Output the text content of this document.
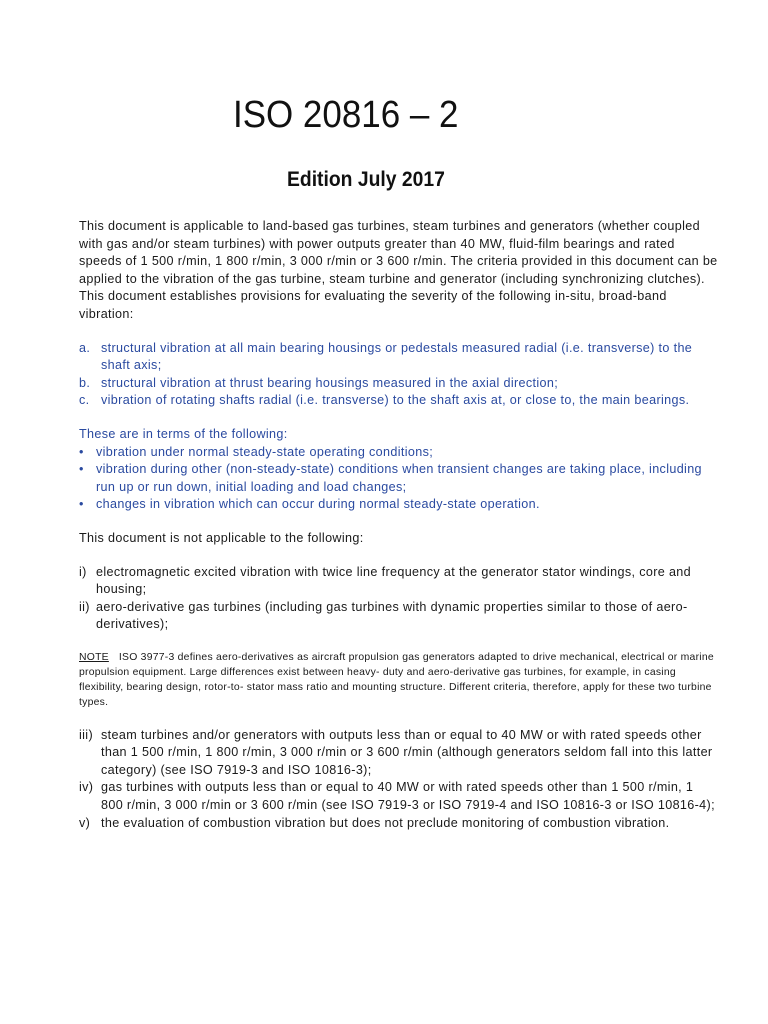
ISO 20816 – 2
Edition July 2017

This document is applicable to land-based gas turbines, steam turbines and generators (whether coupled with gas and/or steam turbines) with power outputs greater than 40 MW, fluid-film bearings and rated speeds of 1 500 r/min, 1 800 r/min, 3 000 r/min or 3 600 r/min. The criteria provided in this document can be applied to the vibration of the gas turbine, steam turbine and generator (including synchronizing clutches).

This document establishes provisions for evaluating the severity of the following in-situ, broad-band vibration:

a. structural vibration at all main bearing housings or pedestals measured radial (i.e. transverse) to the shaft axis;
b. structural vibration at thrust bearing housings measured in the axial direction;
c. vibration of rotating shafts radial (i.e. transverse) to the shaft axis at, or close to, the main bearings.

These are in terms of the following:

• vibration under normal steady-state operating conditions;
• vibration during other (non-steady-state) conditions when transient changes are taking place, including run up or run down, initial loading and load changes;
• changes in vibration which can occur during normal steady-state operation.

This document is not applicable to the following:

i) electromagnetic excited vibration with twice line frequency at the generator stator windings, core and housing;
ii) aero-derivative gas turbines (including gas turbines with dynamic properties similar to those of aero-derivatives);

NOTE ISO 3977-3 defines aero-derivatives as aircraft propulsion gas generators adapted to drive mechanical, electrical or marine propulsion equipment. Large differences exist between heavy- duty and aero-derivative gas turbines, for example, in casing flexibility, bearing design, rotor-to- stator mass ratio and mounting structure. Different criteria, therefore, apply for these two turbine types.

iii) steam turbines and/or generators with outputs less than or equal to 40 MW or with rated speeds other than 1 500 r/min, 1 800 r/min, 3 000 r/min or 3 600 r/min (although generators seldom fall into this latter category) (see ISO 7919-3 and ISO 10816-3);
iv) gas turbines with outputs less than or equal to 40 MW or with rated speeds other than 1 500 r/min, 1 800 r/min, 3 000 r/min or 3 600 r/min (see ISO 7919-3 or ISO 7919-4 and ISO 10816-3 or ISO 10816-4);
v) the evaluation of combustion vibration but does not preclude monitoring of combustion vibration.
